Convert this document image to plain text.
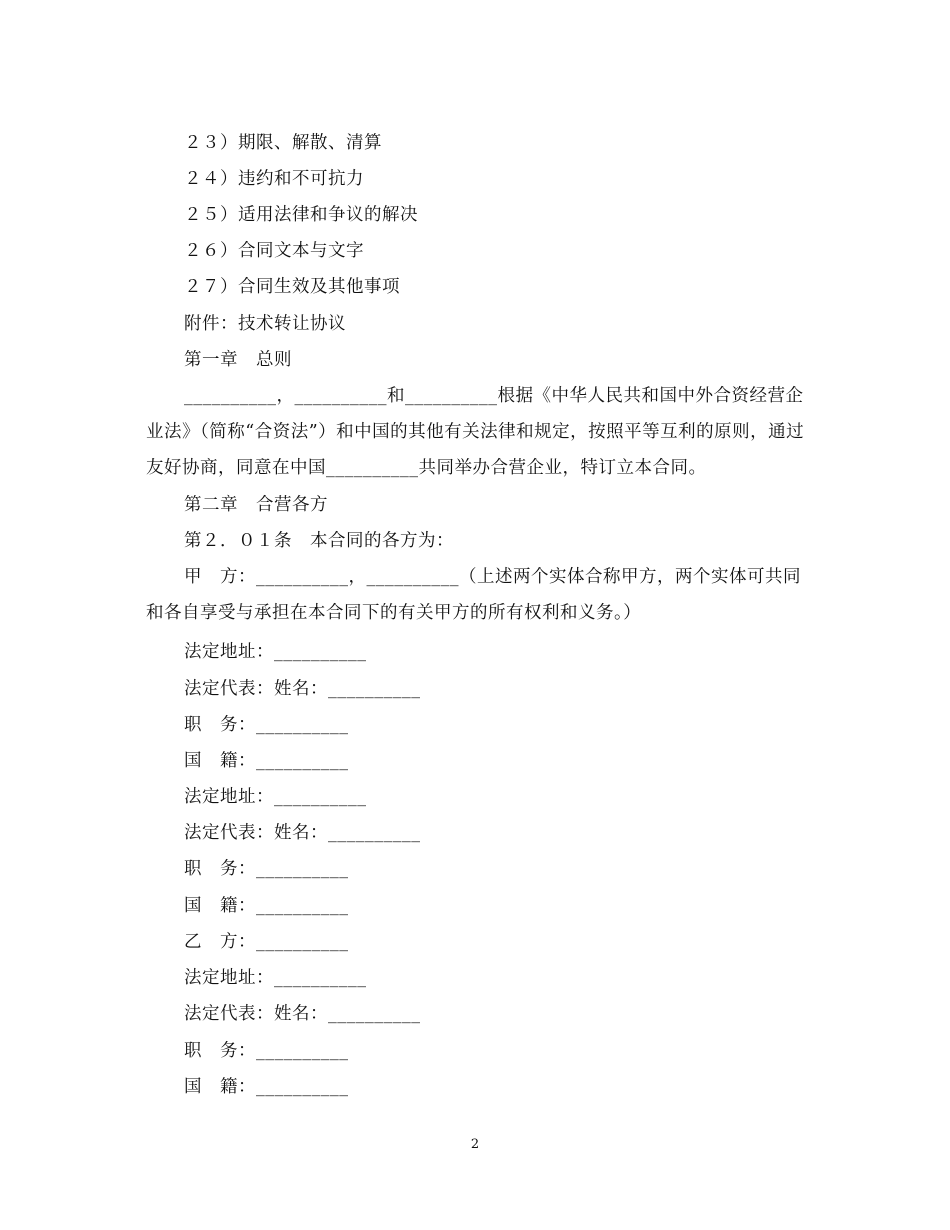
２３）期限、解散、清算
２４）违约和不可抗力
２５）适用法律和争议的解决
２６）合同文本与文字
２７）合同生效及其他事项
附件：技术转让协议
第一章　总则
__________，__________和__________根据《中华人民共和国中外合资经营企业法》（简称“合资法”）和中国的其他有关法律和规定，按照平等互利的原则，通过友好协商，同意在中国__________共同举办合营企业，特订立本合同。
第二章　合营各方
第２．０１条　本合同的各方为：
甲　方：__________，__________（上述两个实体合称甲方，两个实体可共同和各自享受与承担在本合同下的有关甲方的所有权利和义务。）
法定地址：__________
法定代表：姓名：__________
职　务：__________
国　籍：__________
法定地址：__________
法定代表：姓名：__________
职　务：__________
国　籍：__________
乙　方：__________
法定地址：__________
法定代表：姓名：__________
职　务：__________
国　籍：__________
2
